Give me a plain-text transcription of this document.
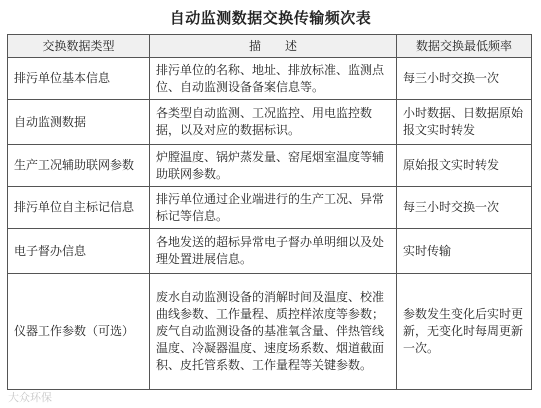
自动监测数据交换传输频次表
交换数据类型	描　　述	数据交换最低频率
排污单位基本信息	排污单位的名称、地址、排放标准、监测点位、自动监测设备备案信息等。	每三小时交换一次
自动监测数据	各类型自动监测、工况监控、用电监控数据，以及对应的数据标识。	小时数据、日数据原始报文实时转发
生产工况辅助联网参数	炉膛温度、锅炉蒸发量、窑尾烟室温度等辅助联网参数。	原始报文实时转发
排污单位自主标记信息	排污单位通过企业端进行的生产工况、异常标记等信息。	每三小时交换一次
电子督办信息	各地发送的超标异常电子督办单明细以及处理处置进展信息。	实时传输
仪器工作参数（可选）	废水自动监测设备的消解时间及温度、校准曲线参数、工作量程、质控样浓度等参数；废气自动监测设备的基准氧含量、伴热管线温度、冷凝器温度、速度场系数、烟道截面积、皮托管系数、工作量程等关键参数。	参数发生变化后实时更新，无变化时每周更新一次。
大众环保
